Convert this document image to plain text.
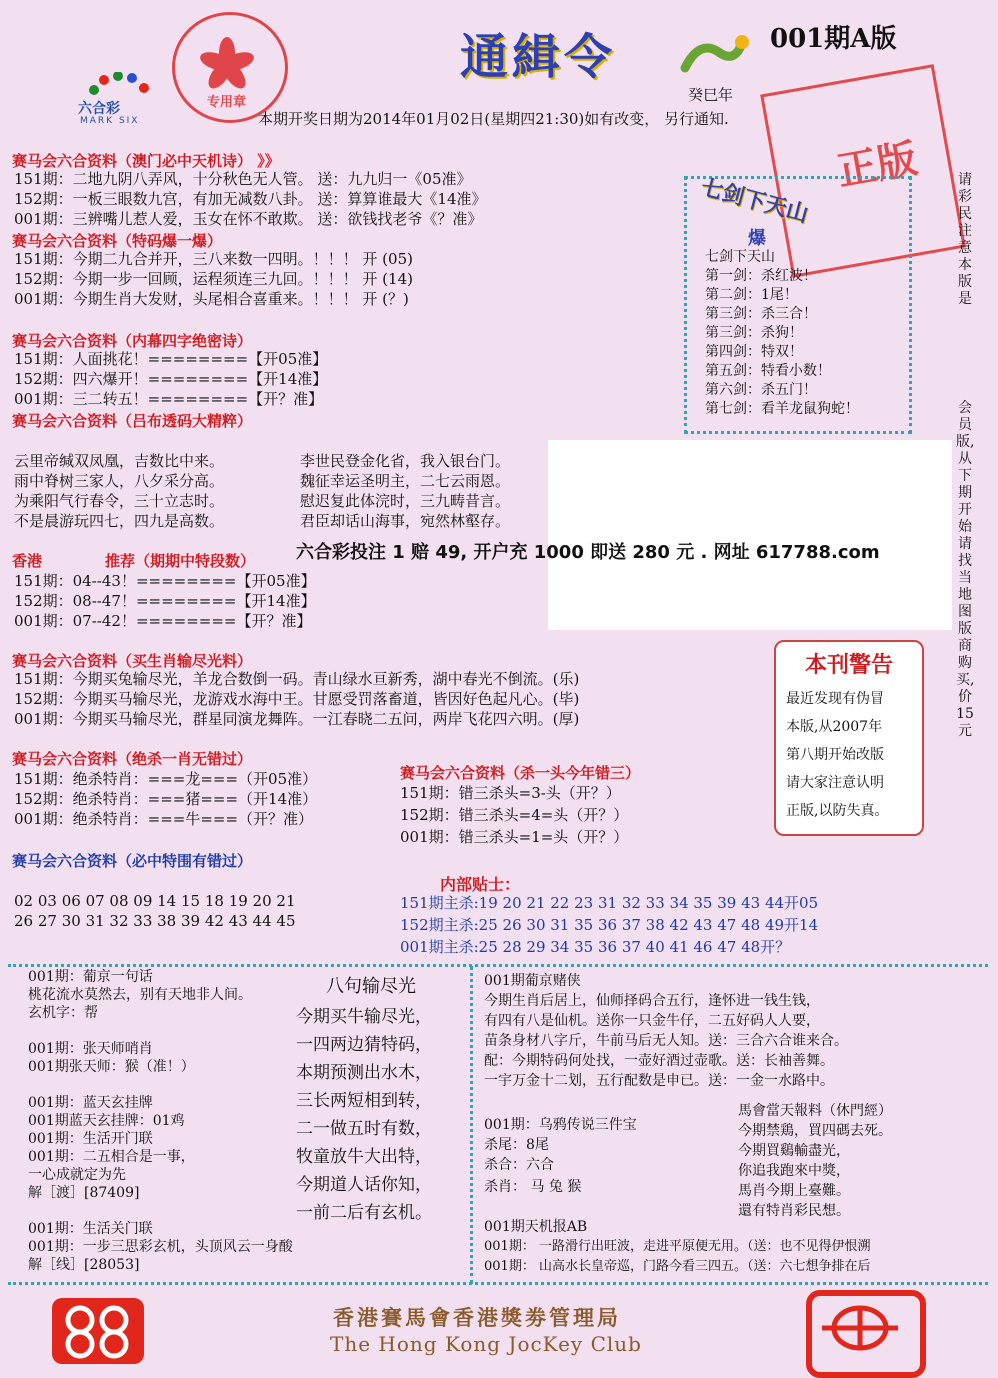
六合彩
MARK SIX
专用章
通緝令	001期A版
癸巳年
本期开奖日期为2014年01月02日(星期四21:30)如有改变， 另行通知.
正版
赛马会六合资料（澳门必中天机诗） 》》
151期：二地九阴八弄风，十分秋色无人管。 送：九九归一《05准》
152期：一板三眼数九宫，有加无减数八卦。 送：算算谁最大《14准》
001期：三辨嘴儿惹人爱，玉女在怀不敢欺。 送：欲钱找老爷《？准》
赛马会六合资料（特码爆一爆）
151期：今期二九合并开，三八来数一四明。！！！ 开 (05)
152期：今期一步一回顾，运程须连三九回。！！！ 开 (14)
001期：今期生肖大发财，头尾相合喜重来。！！！ 开 (？)
赛马会六合资料（内幕四字绝密诗）
151期：人面挑花！========【开05准】
152期：四六爆开！========【开14准】
001期：三二转五！========【开？准】
赛马会六合资料（吕布透码大精粹）
云里帝缄双凤凰，吉数比中来。
雨中脊树三家人，八夕采分高。
为乘阳气行春令，三十立志时。
不是晨游玩四七，四九是高数。
李世民登金化省，我入银台门。
魏征幸运圣明主，二七云雨恩。
慰迟复此体浣时，三九畴昔言。
君臣却话山海事，宛然林壑存。
六合彩投注 1 赔 49, 开户充 1000 即送 280 元 . 网址 617788.com
香港	推荐（期期中特段数）
151期：04--43！========【开05准】
152期：08--47！========【开14准】
001期：07--42！========【开？准】
赛马会六合资料（买生肖输尽光料）
151期：今期买兔输尽光，羊龙合数倒一码。青山绿水亘新秀，湖中春光不倒流。(乐)
152期：今期买马输尽光，龙游戏水海中王。甘愿受罚落畜道，皆因好色起凡心。(毕)
001期：今期买马输尽光，群星同演龙舞阵。一江春晓二五问，两岸飞花四六明。(厚)
赛马会六合资料（绝杀一肖无错过）
151期：绝杀特肖：===龙===（开05准）
152期：绝杀特肖：===猪===（开14准）
001期：绝杀特肖：===牛===（开？准）
赛马会六合资料（杀一头今年错三）
151期：错三杀头=3-头（开？）
152期：错三杀头=4=头（开？）
001期：错三杀头=1=头（开？）
赛马会六合资料（必中特围有错过）
02 03 06 07 08 09 14 15 18 19 20 21
26 27 30 31 32 33 38 39 42 43 44 45
内部贴士：
151期主杀:19 20 21 22 23 31 32 33 34 35 39 43 44开05
152期主杀:25 26 30 31 35 36 37 38 42 43 47 48 49开14
001期主杀:25 28 29 34 35 36 37 40 41 46 47 48开？
七剑下天山
爆
七剑下天山
第一剑：杀红波！
第二剑：1尾！
第三剑：杀三合！
第三剑：杀狗！
第四剑：特双！
第五剑：特看小数！
第六剑：杀五门！
第七剑：看羊龙鼠狗蛇！
请彩民注意本版是
会员版,从下期开始请找当地图版商购买,价15元
本刊警告
最近发现有伪冒
本版,从2007年
第八期开始改版
请大家注意认明
正版,以防失真。
001期：葡京一句话
桃花流水莫然去，别有天地非人间。
玄机字：帮
001期：张天师哨肖
001期张天师：猴（准！）
001期：蓝天玄挂牌
001期蓝天玄挂牌：01鸡
001期：生活开门联
001期：二五相合是一事，
一心成就定为先
解［渡］[87409]
001期：生活关门联
001期：一步三思彩玄机，头顶风云一身酸
解［线］[28053]
八句输尽光
今期买牛输尽光，
一四两边猜特码，
本期预测出水木，
三长两短相到转，
二一做五时有数，
牧童放牛大出特，
今期道人话你知，
一前二后有玄机。
001期葡京赌侠
今期生肖后居上，仙师择码合五行，逢怀进一钱生钱，
有四有八是仙机。送你一只金牛仔，二五好码人人要，
苗条身材八字斤，牛前马后无人知。送：三合六合谁来合。
配：今期特码何处找，一壶好酒过壶歌。送：长袖善舞。
一宇万金十二划，五行配数是申已。送：一金一水路中。
001期：乌鸦传说三件宝
杀尾：8尾
杀合：六合
杀肖： 马 兔 猴
馬會當天報料（休門經）
今期禁鶏，買四碼去死。
今期買鷄輸盡光，
你追我跑來中獎，
馬肖今期上臺難。
還有特肖彩民想。
001期天机报AB
001期： 一路滑行出旺波，走进平原便无用。（送：也不见得伊恨溯
001期： 山高水长皇帝巡，门路今看三四五。（送：六七想争排在后
香港賽馬會香港獎劵管理局
The Hong Kong JocKey Club
